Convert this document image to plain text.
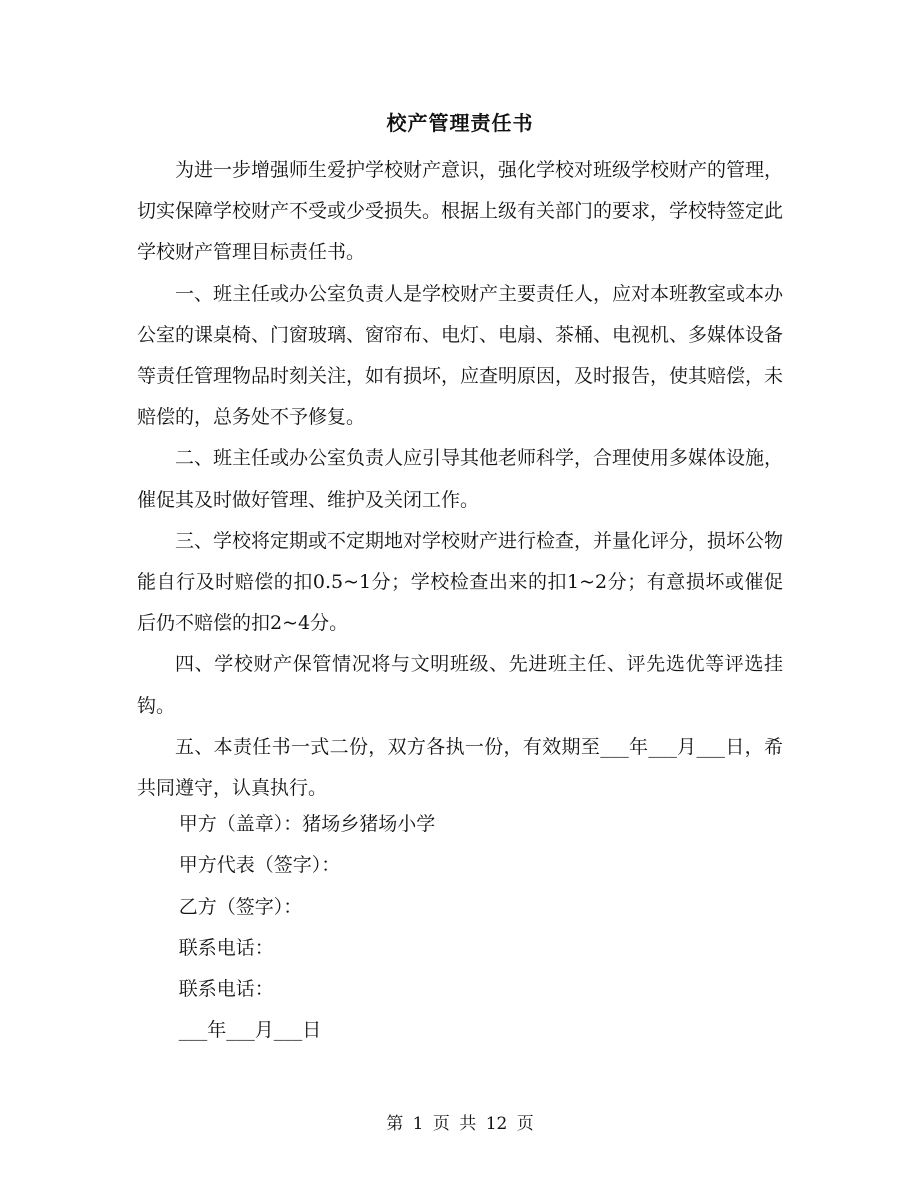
校产管理责任书

为进一步增强师生爱护学校财产意识，强化学校对班级学校财产的管理，切实保障学校财产不受或少受损失。根据上级有关部门的要求，学校特签定此学校财产管理目标责任书。

一、班主任或办公室负责人是学校财产主要责任人，应对本班教室或本办公室的课桌椅、门窗玻璃、窗帘布、电灯、电扇、茶桶、电视机、多媒体设备等责任管理物品时刻关注，如有损坏，应查明原因，及时报告，使其赔偿，未赔偿的，总务处不予修复。

二、班主任或办公室负责人应引导其他老师科学，合理使用多媒体设施，催促其及时做好管理、维护及关闭工作。

三、学校将定期或不定期地对学校财产进行检查，并量化评分，损坏公物能自行及时赔偿的扣0.5~1分；学校检查出来的扣1~2分；有意损坏或催促后仍不赔偿的扣2~4分。

四、学校财产保管情况将与文明班级、先进班主任、评先选优等评选挂钩。

五、本责任书一式二份，双方各执一份，有效期至___年___月___日，希共同遵守，认真执行。

甲方（盖章）：猪场乡猪场小学
甲方代表（签字）：
乙方（签字）：
联系电话：
联系电话：
___年___月___日
第 1 页 共 12 页
